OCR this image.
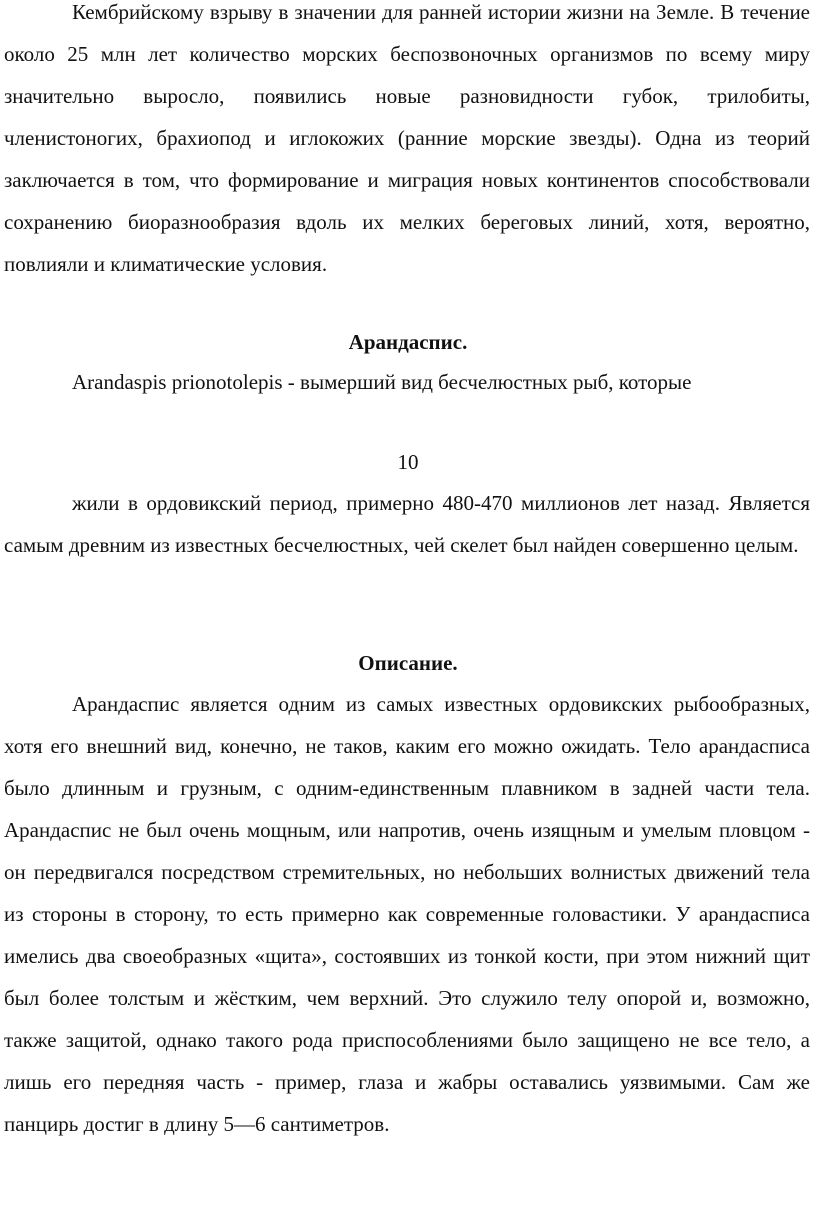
Кембрийскому взрыву в значении для ранней истории жизни на Земле. В течение около 25 млн лет количество морских беспозвоночных организмов по всему миру значительно выросло, появились новые разновидности губок, трилобиты, членистоногих, брахиопод и иглокожих (ранние морские звезды). Одна из теорий заключается в том, что формирование и миграция новых континентов способствовали сохранению биоразнообразия вдоль их мелких береговых линий, хотя, вероятно, повлияли и климатические условия.

Арандаспис.

Arandaspis prionotolepis - вымерший вид бесчелюстных рыб, которые

10

жили в ордовикский период, примерно 480-470 миллионов лет назад. Является самым древним из известных бесчелюстных, чей скелет был найден совершенно целым.

Описание.

Арандаспис является одним из самых известных ордовикских рыбообразных, хотя его внешний вид, конечно, не таков, каким его можно ожидать. Тело арандасписа было длинным и грузным, с одним-единственным плавником в задней части тела. Арандаспис не был очень мощным, или напротив, очень изящным и умелым пловцом - он передвигался посредством стремительных, но небольших волнистых движений тела из стороны в сторону, то есть примерно как современные головастики. У арандасписа имелись два своеобразных «щита», состоявших из тонкой кости, при этом нижний щит был более толстым и жёстким, чем верхний. Это служило телу опорой и, возможно, также защитой, однако такого рода приспособлениями было защищено не все тело, а лишь его передняя часть - пример, глаза и жабры оставались уязвимыми. Сам же панцирь достиг в длину 5—6 сантиметров.
